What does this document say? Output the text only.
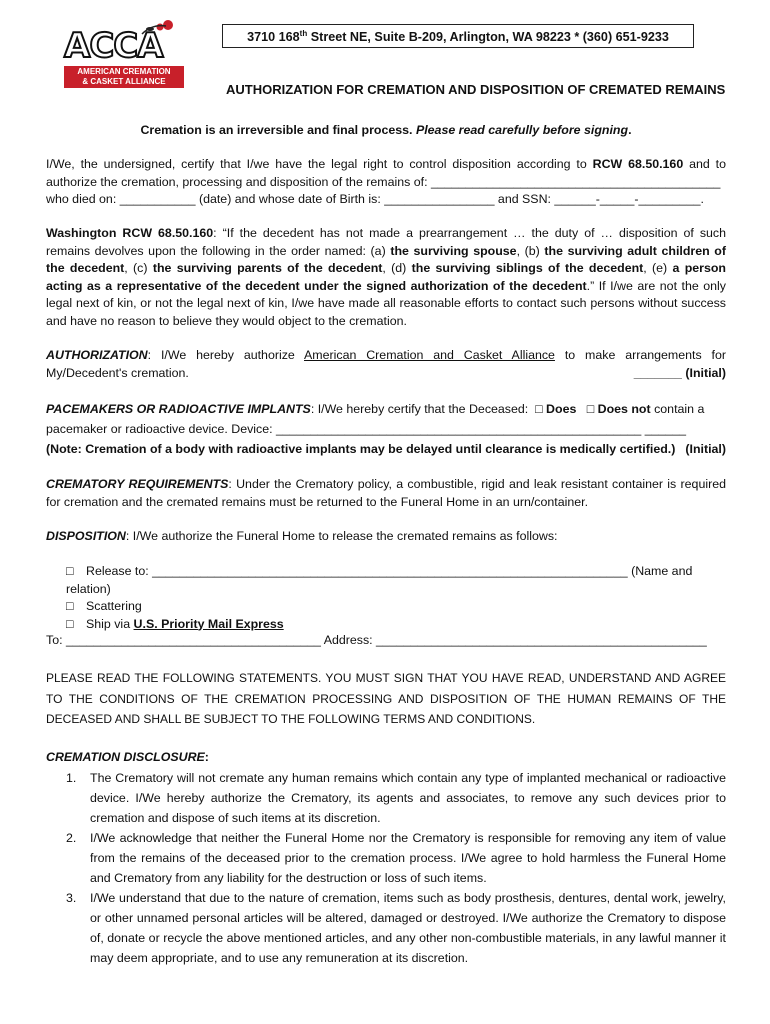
ACCA
AMERICAN CREMATION
& CASKET ALLIANCE
3710 168th Street NE, Suite B-209, Arlington, WA 98223 * (360) 651-9233
AUTHORIZATION FOR CREMATION AND DISPOSITION OF CREMATED REMAINS
Cremation is an irreversible and final process. Please read carefully before signing.
I/We, the undersigned, certify that I/we have the legal right to control disposition according to RCW 68.50.160 and to
authorize the cremation, processing and disposition of the remains of: __________________________________________
who died on: ___________ (date) and whose date of Birth is: ________________ and SSN: ______-_____-_________.
Washington RCW 68.50.160: “If the decedent has not made a prearrangement … the duty of … disposition of such remains devolves upon the following in the order named: (a) the surviving spouse, (b) the surviving adult children of the decedent, (c) the surviving parents of the decedent, (d) the surviving siblings of the decedent, (e) a person acting as a representative of the decedent under the signed authorization of the decedent.” If I/we are not the only legal next of kin, or not the legal next of kin, I/we have made all reasonable efforts to contact such persons without success and have no reason to believe they would object to the cremation.
AUTHORIZATION: I/We hereby authorize American Cremation and Casket Alliance to make arrangements for
My/Decedent's cremation.	_______ (Initial)
PACEMAKERS OR RADIOACTIVE IMPLANTS: I/We hereby certify that the Deceased: □ Does □ Does not contain a
pacemaker or radioactive device. Device: _____________________________________________________ ______
(Initial)
(Note: Cremation of a body with radioactive implants may be delayed until clearance is medically certified.)
CREMATORY REQUIREMENTS: Under the Crematory policy, a combustible, rigid and leak resistant container is required for cremation and the cremated remains must be returned to the Funeral Home in an urn/container.
DISPOSITION: I/We authorize the Funeral Home to release the cremated remains as follows:
□ Release to: _____________________________________________________________________ (Name and relation)
□ Scattering
□ Ship via U.S. Priority Mail Express
To: _____________________________________ Address: ________________________________________________
PLEASE READ THE FOLLOWING STATEMENTS. YOU MUST SIGN THAT YOU HAVE READ, UNDERSTAND AND AGREE TO THE CONDITIONS OF THE CREMATION PROCESSING AND DISPOSITION OF THE HUMAN REMAINS OF THE DECEASED AND SHALL BE SUBJECT TO THE FOLLOWING TERMS AND CONDITIONS.
CREMATION DISCLOSURE:
1. The Crematory will not cremate any human remains which contain any type of implanted mechanical or radioactive device. I/We hereby authorize the Crematory, its agents and associates, to remove any such devices prior to cremation and dispose of such items at its discretion.
2. I/We acknowledge that neither the Funeral Home nor the Crematory is responsible for removing any item of value from the remains of the deceased prior to the cremation process. I/We agree to hold harmless the Funeral Home and Crematory from any liability for the destruction or loss of such items.
3. I/We understand that due to the nature of cremation, items such as body prosthesis, dentures, dental work, jewelry, or other unnamed personal articles will be altered, damaged or destroyed. I/We authorize the Crematory to dispose of, donate or recycle the above mentioned articles, and any other non-combustible materials, in any lawful manner it may deem appropriate, and to use any remuneration at its discretion.
